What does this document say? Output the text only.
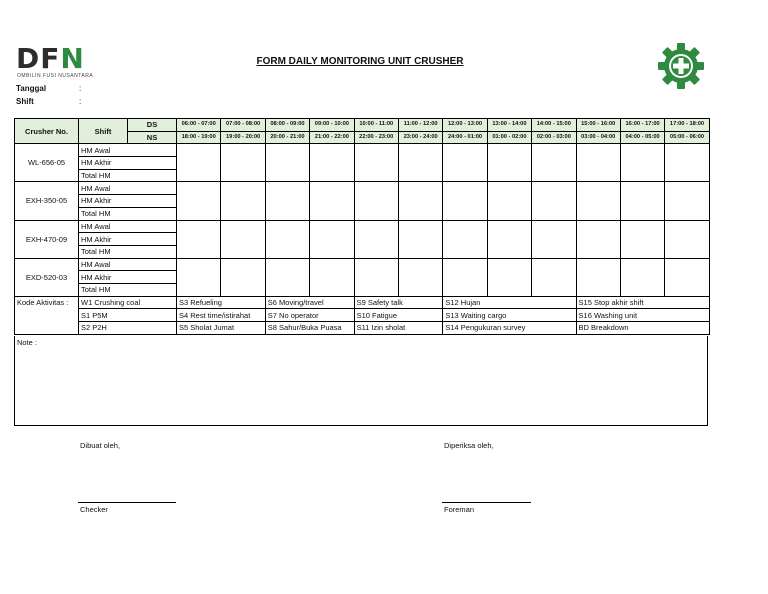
DFN
OMBILIN FUSI NUSANTARA
FORM DAILY MONITORING UNIT CRUSHER
Tanggal	:
Shift	:
Crusher No.	Shift	DS	06:00 - 07:00	07:00 - 08:00	08:00 - 09:00	09:00 - 10:00	10:00 - 11:00	11:00 - 12:00	12:00 - 13:00	13:00 - 14:00	14:00 - 15:00	15:00 - 16:00	16:00 - 17:00	17:00 - 18:00
		NS	18:00 - 19:00	19:00 - 20:00	20:00 - 21:00	21:00 - 22:00	22:00 - 23:00	23:00 - 24:00	24:00 - 01:00	01:00 - 02:00	02:00 - 03:00	03:00 - 04:00	04:00 - 05:00	05:00 - 06:00
WL-656-05	HM Awal													
	HM Akhir													
	Total HM													
EXH-350-05	HM Awal													
	HM Akhir													
	Total HM													
EXH-470-09	HM Awal													
	HM Akhir													
	Total HM													
EXD-520-03	HM Awal													
	HM Akhir													
	Total HM													
Kode Aktivitas :	W1 Crushing coal		S3 Refueling		S6 Moving/travel		S9 Safety talk		S12 Hujan			S15 Stop akhir shift		
	S1 P5M		S4 Rest time/istirahat		S7 No operator		S10 Fatigue		S13 Waiting cargo			S16 Washing unit		
	S2 P2H		S5 Sholat Jumat		S8 Sahur/Buka Puasa		S11 Izin sholat		S14 Pengukuran survey			BD Breakdown		
Note :
Dibuat oleh,	Diperiksa oleh,
Checker	Foreman
